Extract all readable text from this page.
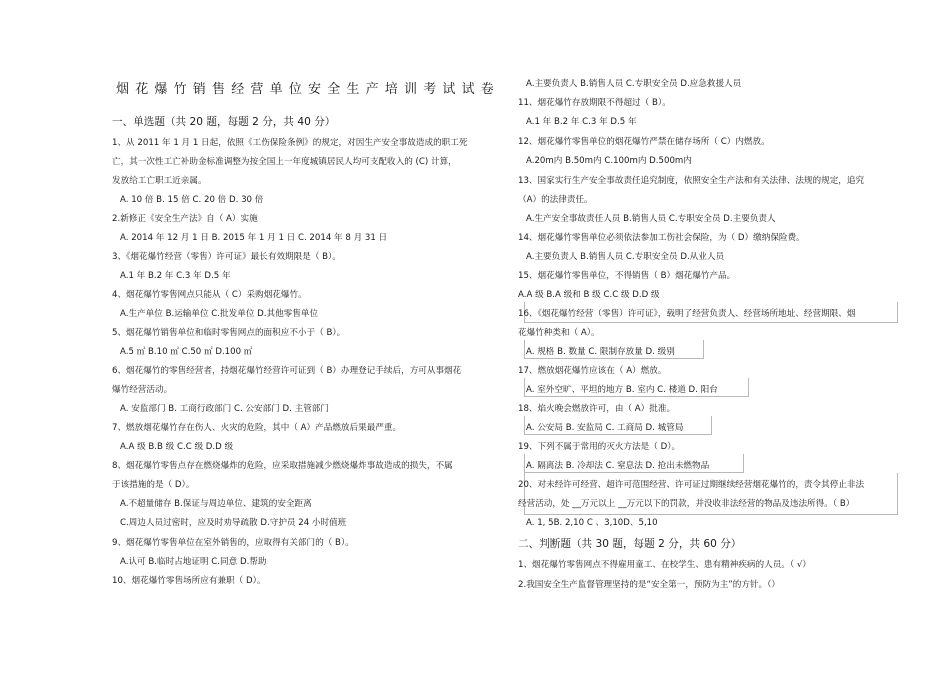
烟花爆竹销售经营单位安全生产培训考试试卷
一、单选题（共 20 题，每题 2 分，共 40 分）
1、从 2011 年 1 月 1 日起，依照《工伤保险条例》的规定，对因生产安全事故造成的职工死
亡，其一次性工亡补助金标准调整为按全国上一年度城镇居民人均可支配收入的 (C) 计算，
发放给工亡职工近亲属。
A. 10 倍 B. 15 倍 C. 20 倍 D. 30 倍
2.新修正《安全生产法》自（ A）实施
A. 2014 年 12 月 1 日 B. 2015 年 1 月 1 日 C. 2014 年 8 月 31 日
3、《烟花爆竹经营（零售）许可证》最长有效期限是（ B）。
A.1 年 B.2 年 C.3 年 D.5 年
4、烟花爆竹零售网点只能从（ C）采购烟花爆竹。
A.生产单位 B.运输单位 C.批发单位 D.其他零售单位
5、烟花爆竹销售单位和临时零售网点的面积应不小于（ B）。
A.5 ㎡ B.10 ㎡ C.50 ㎡ D.100 ㎡
6、烟花爆竹的零售经营者，持烟花爆竹经营许可证到（ B）办理登记手续后，方可从事烟花
爆竹经营活动。
A. 安监部门 B. 工商行政部门 C. 公安部门 D. 主管部门
7、燃放烟花爆竹存在伤人、火灾的危险，其中（ A）产品燃放后果最严重。
A.A 级 B.B 级 C.C 级 D.D 级
8、烟花爆竹零售点存在燃烧爆炸的危险，应采取措施减少燃烧爆炸事故造成的损失，不属
于该措施的是（ D）。
A.不超量储存 B.保证与周边单位、建筑的安全距离
C.周边人员过密时，应及时劝导疏散 D.守护员 24 小时值班
9、烟花爆竹零售单位在室外销售的，应取得有关部门的（ B）。
A.认可 B.临时占地证明 C.同意 D.帮助
10、烟花爆竹零售场所应有兼职（ D）。
A.主要负责人 B.销售人员 C.专职安全员 D.应急救援人员
11、烟花爆竹存放期限不得超过（ B）。
A.1 年 B.2 年 C.3 年 D.5 年
12、烟花爆竹零售单位的烟花爆竹严禁在储存场所（ C）内燃放。
A.20m内 B.50m内 C.100m内 D.500m内
13、国家实行生产安全事故责任追究制度，依照安全生产法和有关法律、法规的规定，追究
（A）的法律责任。
A.生产安全事故责任人员 B.销售人员 C.专职安全员 D.主要负责人
14、烟花爆竹零售单位必须依法参加工伤社会保险，为（ D）缴纳保险费。
A.主要负责人 B.销售人员 C.专职安全员 D.从业人员
15、烟花爆竹零售单位，不得销售（ B）烟花爆竹产品。
A.A 级 B.A 级和 B 级 C.C 级 D.D 级
16、《烟花爆竹经营（零售）许可证》，载明了经营负责人、经营场所地址、经营期限、烟
花爆竹种类和（ A）。
A. 规格 B. 数量 C. 限制存放量 D. 级别
17、燃放烟花爆竹应该在（ A）燃放。
A. 室外空旷、平坦的地方 B. 室内 C. 楼道 D. 阳台
18、焰火晚会燃放许可，由（ A）批准。
A. 公安局 B. 安监局 C. 工商局 D. 城管局
19、下列不属于常用的灭火方法是（ D）。
A. 隔离法 B. 冷却法 C. 窒息法 D. 抢出未燃物品
20、对未经许可经营、超许可范围经营、许可证过期继续经营烟花爆竹的，责令其停止非法
经营活动，处 __万元以上 __万元以下的罚款，并没收非法经营的物品及违法所得。（ B）
A. 1, 5B. 2,10 C 、3,10D、5,10
二、判断题（共 30 题，每题 2 分，共 60 分）
1、烟花爆竹零售网点不得雇用童工、在校学生、患有精神疾病的人员。（ √）
2.我国安全生产监督管理坚持的是“安全第一，预防为主”的方针。（）
